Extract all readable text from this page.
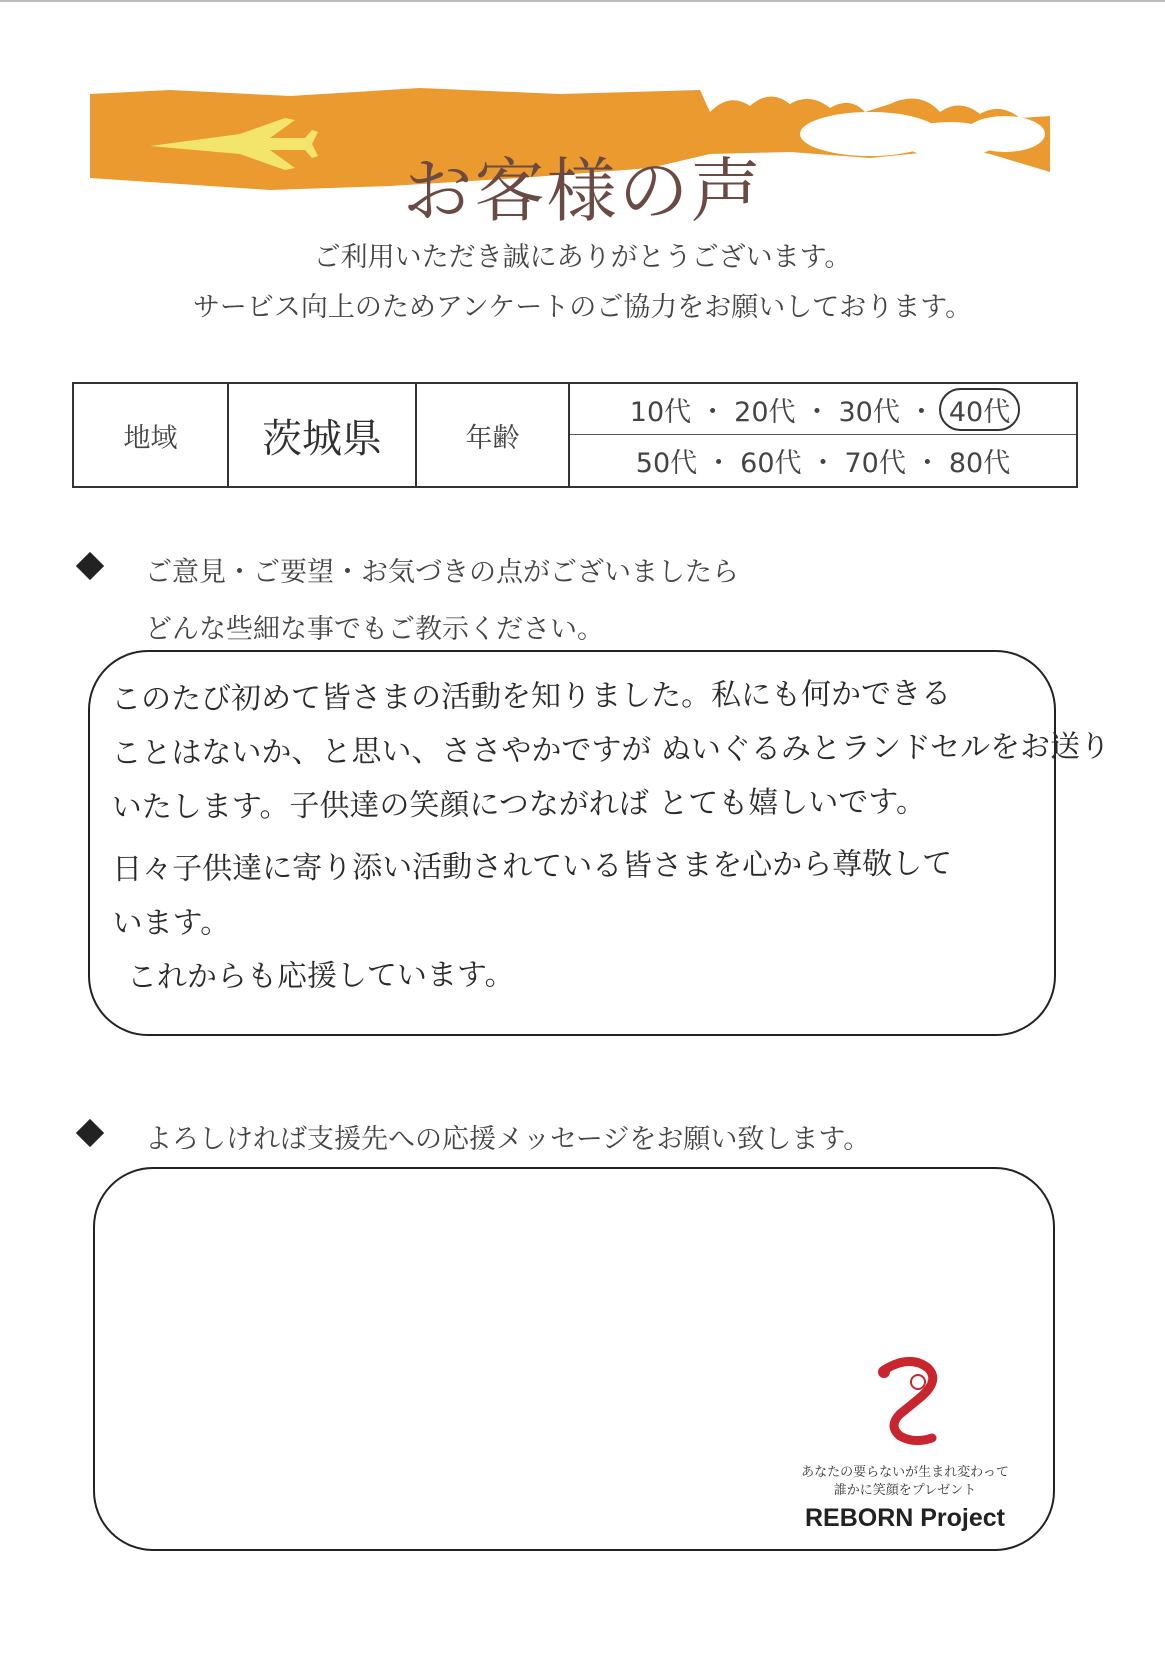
お客様の声

ご利用いただき誠にありがとうございます。

サービス向上のためアンケートのご協力をお願いしております。

地域	茨城県	年齢
10代 ・ 20代 ・ 30代 ・ 40代
50代 ・ 60代 ・ 70代 ・ 80代
ご意見・ご要望・お気づきの点がございましたら
どんな些細な事でもご教示ください。

このたび初めて皆さまの活動を知りました。私にも何かできる

ことはないか、と思い、ささやかですが ぬいぐるみとランドセルをお送り

いたします。子供達の笑顔につながれば とても嬉しいです。

日々子供達に寄り添い活動されている皆さまを心から尊敬して

います。

これからも応援しています。

よろしければ支援先への応援メッセージをお願い致します。
あなたの要らないが生まれ変わって
誰かに笑顔をプレゼント
REBORN Project
